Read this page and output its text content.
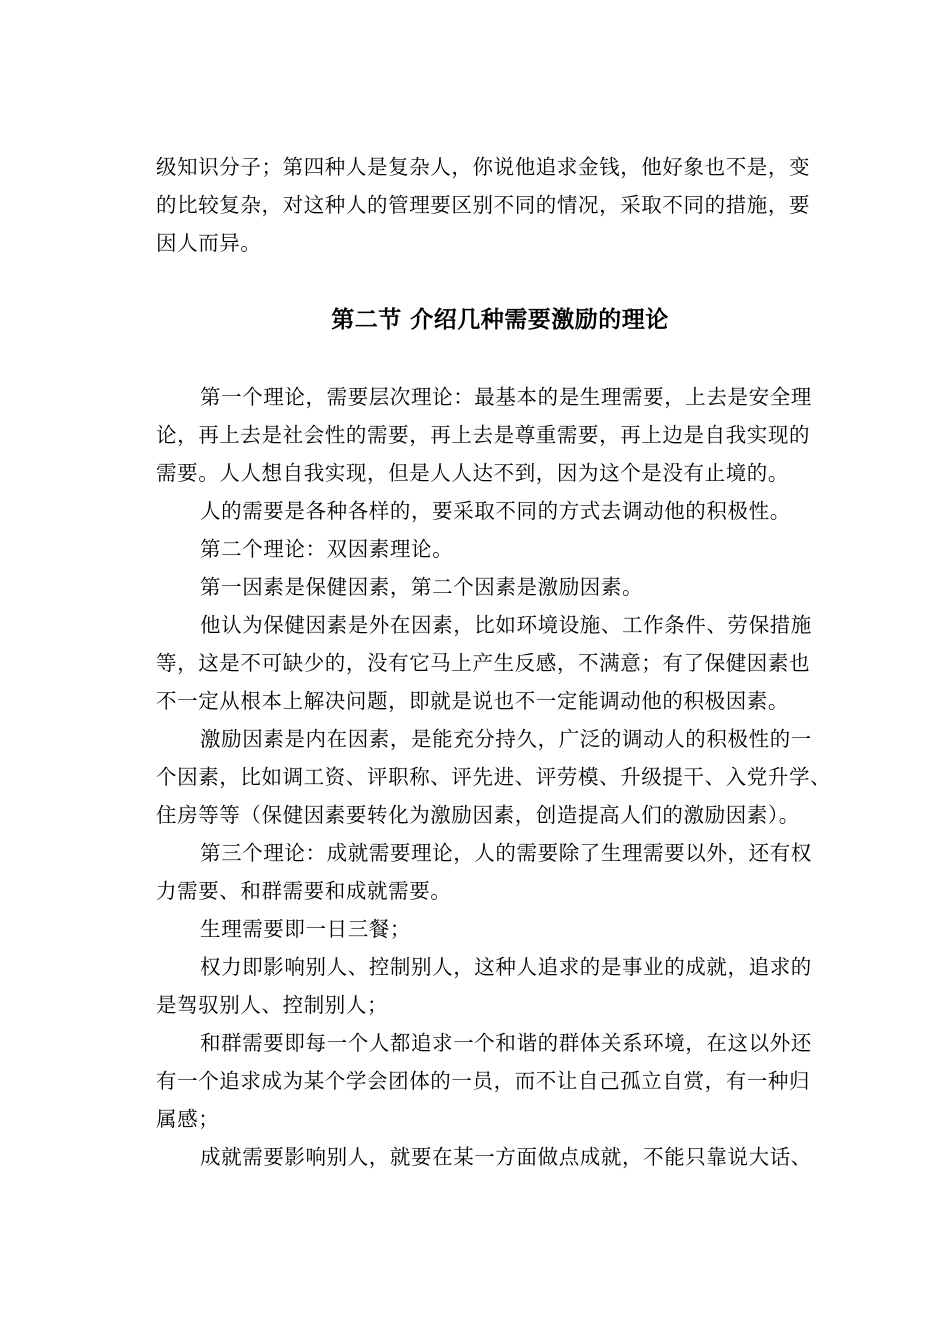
级知识分子；第四种人是复杂人，你说他追求金钱，他好象也不是，变
的比较复杂，对这种人的管理要区别不同的情况，采取不同的措施，要
因人而异。
第二节 介绍几种需要激励的理论
第一个理论，需要层次理论：最基本的是生理需要，上去是安全理
论，再上去是社会性的需要，再上去是尊重需要，再上边是自我实现的
需要。人人想自我实现，但是人人达不到，因为这个是没有止境的。
人的需要是各种各样的，要采取不同的方式去调动他的积极性。
第二个理论：双因素理论。
第一因素是保健因素，第二个因素是激励因素。
他认为保健因素是外在因素，比如环境设施、工作条件、劳保措施
等，这是不可缺少的，没有它马上产生反感，不满意；有了保健因素也
不一定从根本上解决问题，即就是说也不一定能调动他的积极因素。
激励因素是内在因素，是能充分持久，广泛的调动人的积极性的一
个因素，比如调工资、评职称、评先进、评劳模、升级提干、入党升学、
住房等等（保健因素要转化为激励因素，创造提高人们的激励因素）。
第三个理论：成就需要理论，人的需要除了生理需要以外，还有权
力需要、和群需要和成就需要。
生理需要即一日三餐；
权力即影响别人、控制别人，这种人追求的是事业的成就，追求的
是驾驭别人、控制别人；
和群需要即每一个人都追求一个和谐的群体关系环境，在这以外还
有一个追求成为某个学会团体的一员，而不让自己孤立自赏，有一种归
属感；
成就需要影响别人，就要在某一方面做点成就，不能只靠说大话、
